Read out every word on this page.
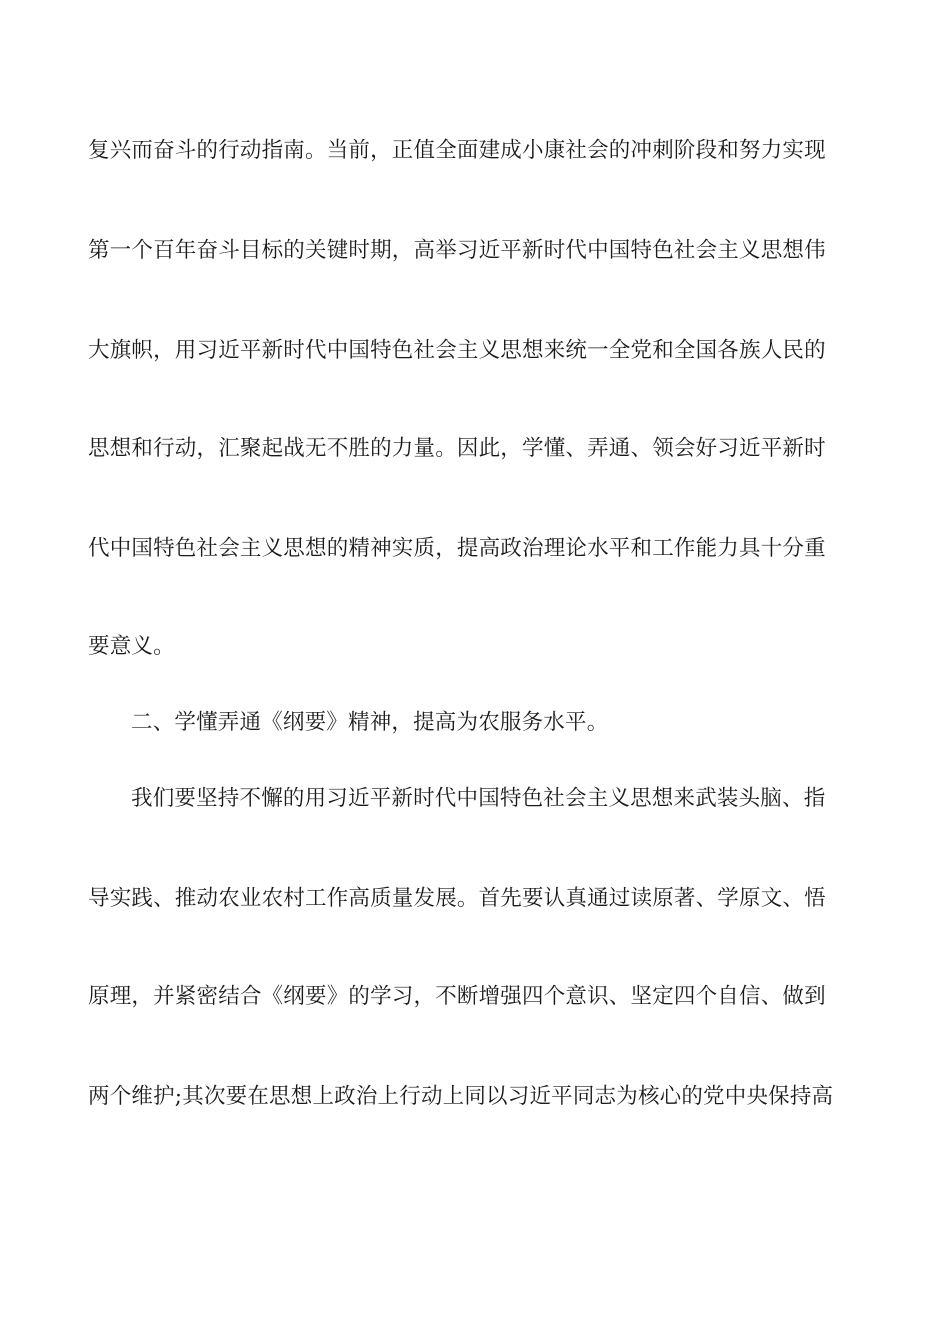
复兴而奋斗的行动指南。当前，正值全面建成小康社会的冲刺阶段和努力实现
第一个百年奋斗目标的关键时期，高举习近平新时代中国特色社会主义思想伟
大旗帜，用习近平新时代中国特色社会主义思想来统一全党和全国各族人民的
思想和行动，汇聚起战无不胜的力量。因此，学懂、弄通、领会好习近平新时
代中国特色社会主义思想的精神实质，提高政治理论水平和工作能力具十分重
要意义。
二、学懂弄通《纲要》精神，提高为农服务水平。
我们要坚持不懈的用习近平新时代中国特色社会主义思想来武装头脑、指
导实践、推动农业农村工作高质量发展。首先要认真通过读原著、学原文、悟
原理，并紧密结合《纲要》的学习，不断增强四个意识、坚定四个自信、做到
两个维护;其次要在思想上政治上行动上同以习近平同志为核心的党中央保持高
